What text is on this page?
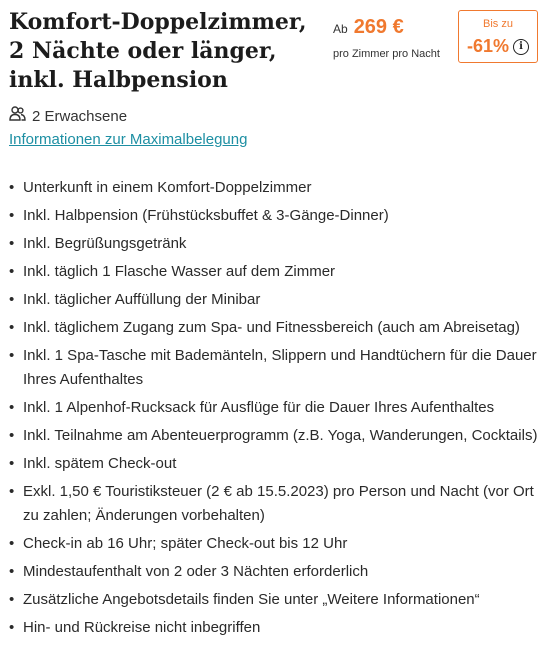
Komfort-Doppelzimmer, 2 Nächte oder länger, inkl. Halbpension
Ab 269 €
pro Zimmer pro Nacht
Bis zu
-61%	i
2 Erwachsene
Informationen zur Maximalbelegung
• Unterkunft in einem Komfort-Doppelzimmer
• Inkl. Halbpension (Frühstücksbuffet & 3-Gänge-Dinner)
• Inkl. Begrüßungsgetränk
• Inkl. täglich 1 Flasche Wasser auf dem Zimmer
• Inkl. täglicher Auffüllung der Minibar
• Inkl. täglichem Zugang zum Spa- und Fitnessbereich (auch am Abreisetag)
• Inkl. 1 Spa-Tasche mit Bademänteln, Slippern und Handtüchern für die Dauer Ihres Aufenthaltes
• Inkl. 1 Alpenhof-Rucksack für Ausflüge für die Dauer Ihres Aufenthaltes
• Inkl. Teilnahme am Abenteuerprogramm (z.B. Yoga, Wanderungen, Cocktails)
• Inkl. spätem Check-out
• Exkl. 1,50 € Touristiksteuer (2 € ab 15.5.2023) pro Person und Nacht (vor Ort zu zahlen; Änderungen vorbehalten)
• Check-in ab 16 Uhr; später Check-out bis 12 Uhr
• Mindestaufenthalt von 2 oder 3 Nächten erforderlich
• Zusätzliche Angebotsdetails finden Sie unter „Weitere Informationen“
• Hin- und Rückreise nicht inbegriffen
